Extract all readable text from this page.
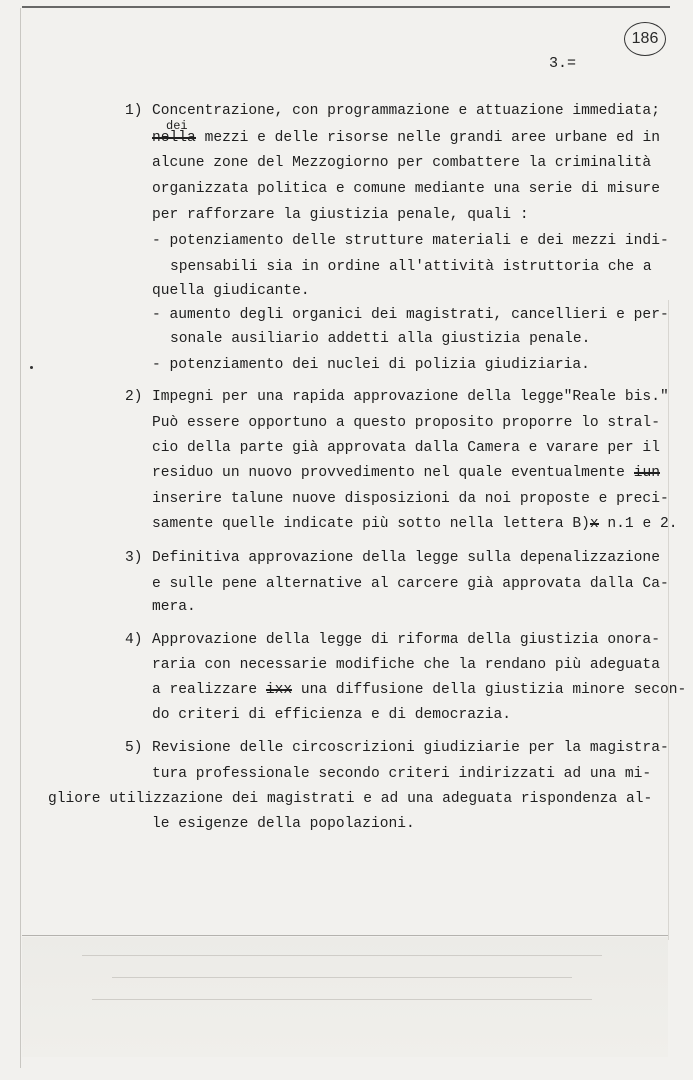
186
3.=
1) Concentrazione, con programmazione e attuazione immediata;
dei
nella mezzi e delle risorse nelle grandi aree urbane ed in
alcune zone del Mezzogiorno per combattere la criminalità
organizzata politica e comune mediante una serie di misure
per rafforzare la giustizia penale, quali :
- potenziamento delle strutture materiali e dei mezzi indi-
spensabili sia in ordine all'attività istruttoria che a
quella giudicante.
- aumento degli organici dei magistrati, cancellieri e per-
sonale ausiliario addetti alla giustizia penale.
- potenziamento dei nuclei di polizia giudiziaria.
2) Impegni per una rapida approvazione della legge"Reale bis."
Può essere opportuno a questo proposito proporre lo stral-
cio della parte già approvata dalla Camera e varare per il
residuo un nuovo provvedimento nel quale eventualmente iun
inserire talune nuove disposizioni da noi proposte e preci-
samente quelle indicate più sotto nella lettera B)x n.1 e 2.
3) Definitiva approvazione della legge sulla depenalizzazione
e sulle pene alternative al carcere già approvata dalla Ca-
mera.
4) Approvazione della legge di riforma della giustizia onora-
raria con necessarie modifiche che la rendano più adeguata
a realizzare ixx una diffusione della giustizia minore secon-
do criteri di efficienza e di democrazia.
5) Revisione delle circoscrizioni giudiziarie per la magistra-
tura professionale secondo criteri indirizzati ad una mi-
gliore utilizzazione dei magistrati e ad una adeguata rispondenza al-
le esigenze della popolazioni.
